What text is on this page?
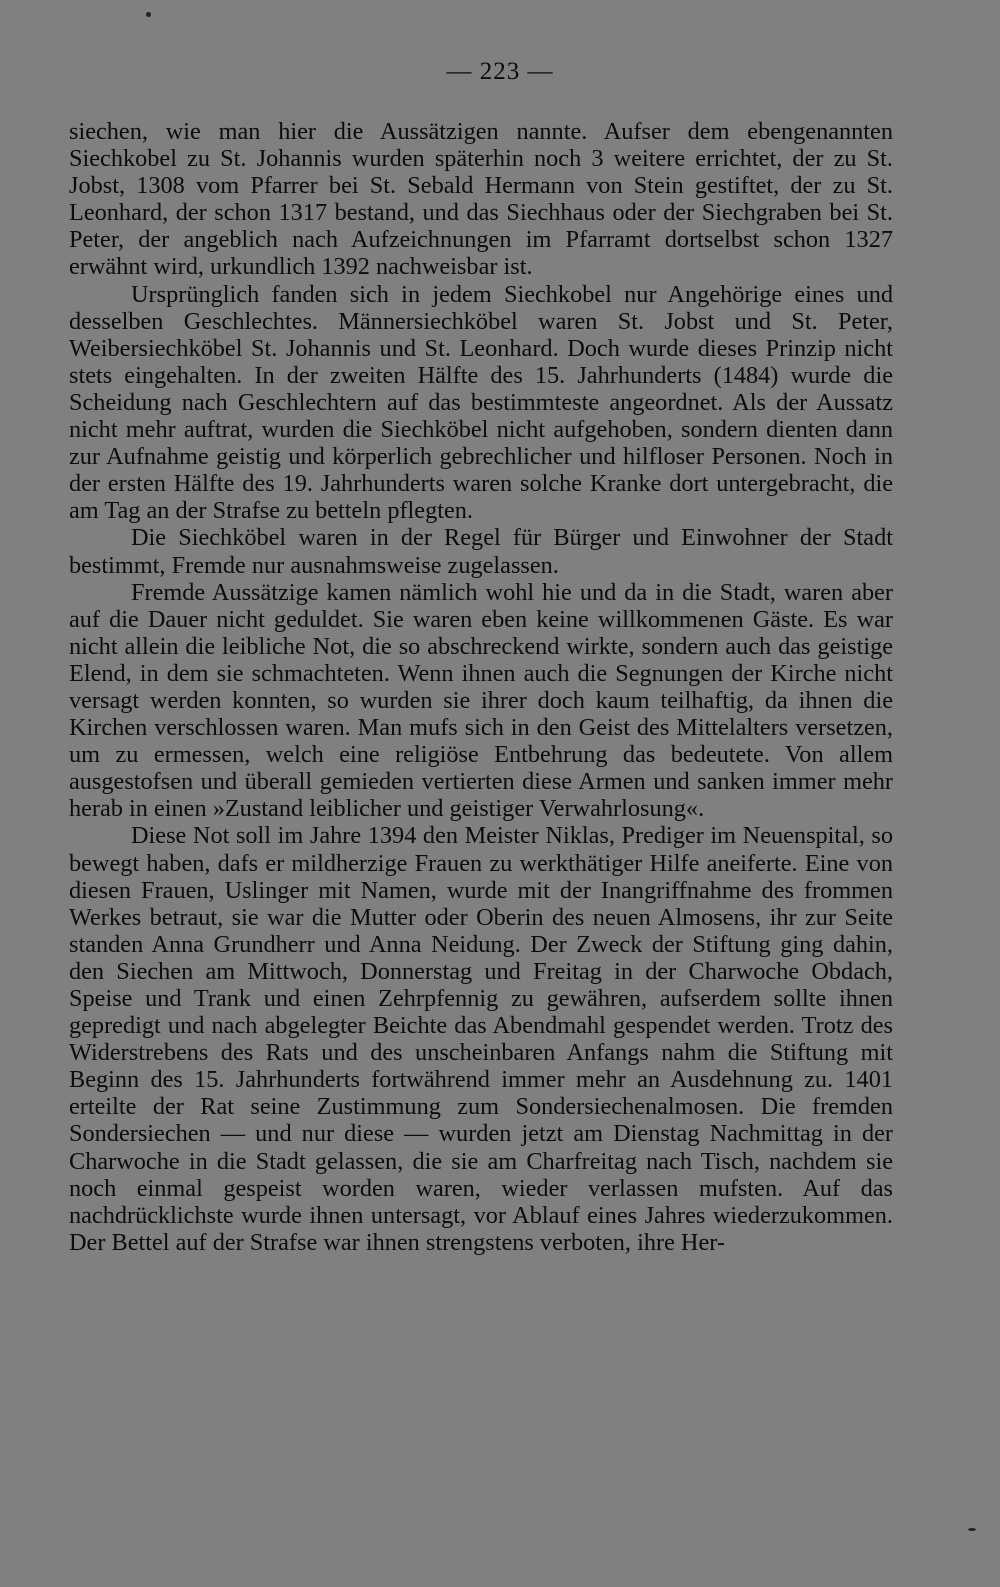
— 223 —

siechen, wie man hier die Aussätzigen nannte. Aufser dem ebengenannten Siechkobel zu St. Johannis wurden späterhin noch 3 weitere errichtet, der zu St. Jobst, 1308 vom Pfarrer bei St. Sebald Hermann von Stein gestiftet, der zu St. Leonhard, der schon 1317 bestand, und das Siechhaus oder der Siechgraben bei St. Peter, der angeblich nach Aufzeichnungen im Pfarramt dortselbst schon 1327 erwähnt wird, urkundlich 1392 nachweisbar ist.

Ursprünglich fanden sich in jedem Siechkobel nur Angehörige eines und desselben Geschlechtes. Männersiechköbel waren St. Jobst und St. Peter, Weibersiechköbel St. Johannis und St. Leonhard. Doch wurde dieses Prinzip nicht stets eingehalten. In der zweiten Hälfte des 15. Jahrhunderts (1484) wurde die Scheidung nach Geschlechtern auf das bestimmteste angeordnet. Als der Aussatz nicht mehr auftrat, wurden die Siechköbel nicht aufgehoben, sondern dienten dann zur Aufnahme geistig und körperlich gebrechlicher und hilfloser Personen. Noch in der ersten Hälfte des 19. Jahrhunderts waren solche Kranke dort untergebracht, die am Tag an der Strafse zu betteln pflegten.

Die Siechköbel waren in der Regel für Bürger und Einwohner der Stadt bestimmt, Fremde nur ausnahmsweise zugelassen.

Fremde Aussätzige kamen nämlich wohl hie und da in die Stadt, waren aber auf die Dauer nicht geduldet. Sie waren eben keine willkommenen Gäste. Es war nicht allein die leibliche Not, die so abschreckend wirkte, sondern auch das geistige Elend, in dem sie schmachteten. Wenn ihnen auch die Segnungen der Kirche nicht versagt werden konnten, so wurden sie ihrer doch kaum teilhaftig, da ihnen die Kirchen verschlossen waren. Man mufs sich in den Geist des Mittelalters versetzen, um zu ermessen, welch eine religiöse Entbehrung das bedeutete. Von allem ausgestofsen und überall gemieden vertierten diese Armen und sanken immer mehr herab in einen »Zustand leiblicher und geistiger Verwahrlosung«.

Diese Not soll im Jahre 1394 den Meister Niklas, Prediger im Neuenspital, so bewegt haben, dafs er mildherzige Frauen zu werkthätiger Hilfe aneiferte. Eine von diesen Frauen, Uslinger mit Namen, wurde mit der Inangriffnahme des frommen Werkes betraut, sie war die Mutter oder Oberin des neuen Almosens, ihr zur Seite standen Anna Grundherr und Anna Neidung. Der Zweck der Stiftung ging dahin, den Siechen am Mittwoch, Donnerstag und Freitag in der Charwoche Obdach, Speise und Trank und einen Zehrpfennig zu gewähren, aufserdem sollte ihnen gepredigt und nach abgelegter Beichte das Abendmahl gespendet werden. Trotz des Widerstrebens des Rats und des unscheinbaren Anfangs nahm die Stiftung mit Beginn des 15. Jahrhunderts fortwährend immer mehr an Ausdehnung zu. 1401 erteilte der Rat seine Zustimmung zum Sondersiechenalmosen. Die fremden Sondersiechen — und nur diese — wurden jetzt am Dienstag Nachmittag in der Charwoche in die Stadt gelassen, die sie am Charfreitag nach Tisch, nachdem sie noch einmal gespeist worden waren, wieder verlassen mufsten. Auf das nachdrücklichste wurde ihnen untersagt, vor Ablauf eines Jahres wiederzukommen. Der Bettel auf der Strafse war ihnen strengstens verboten, ihre Her-
